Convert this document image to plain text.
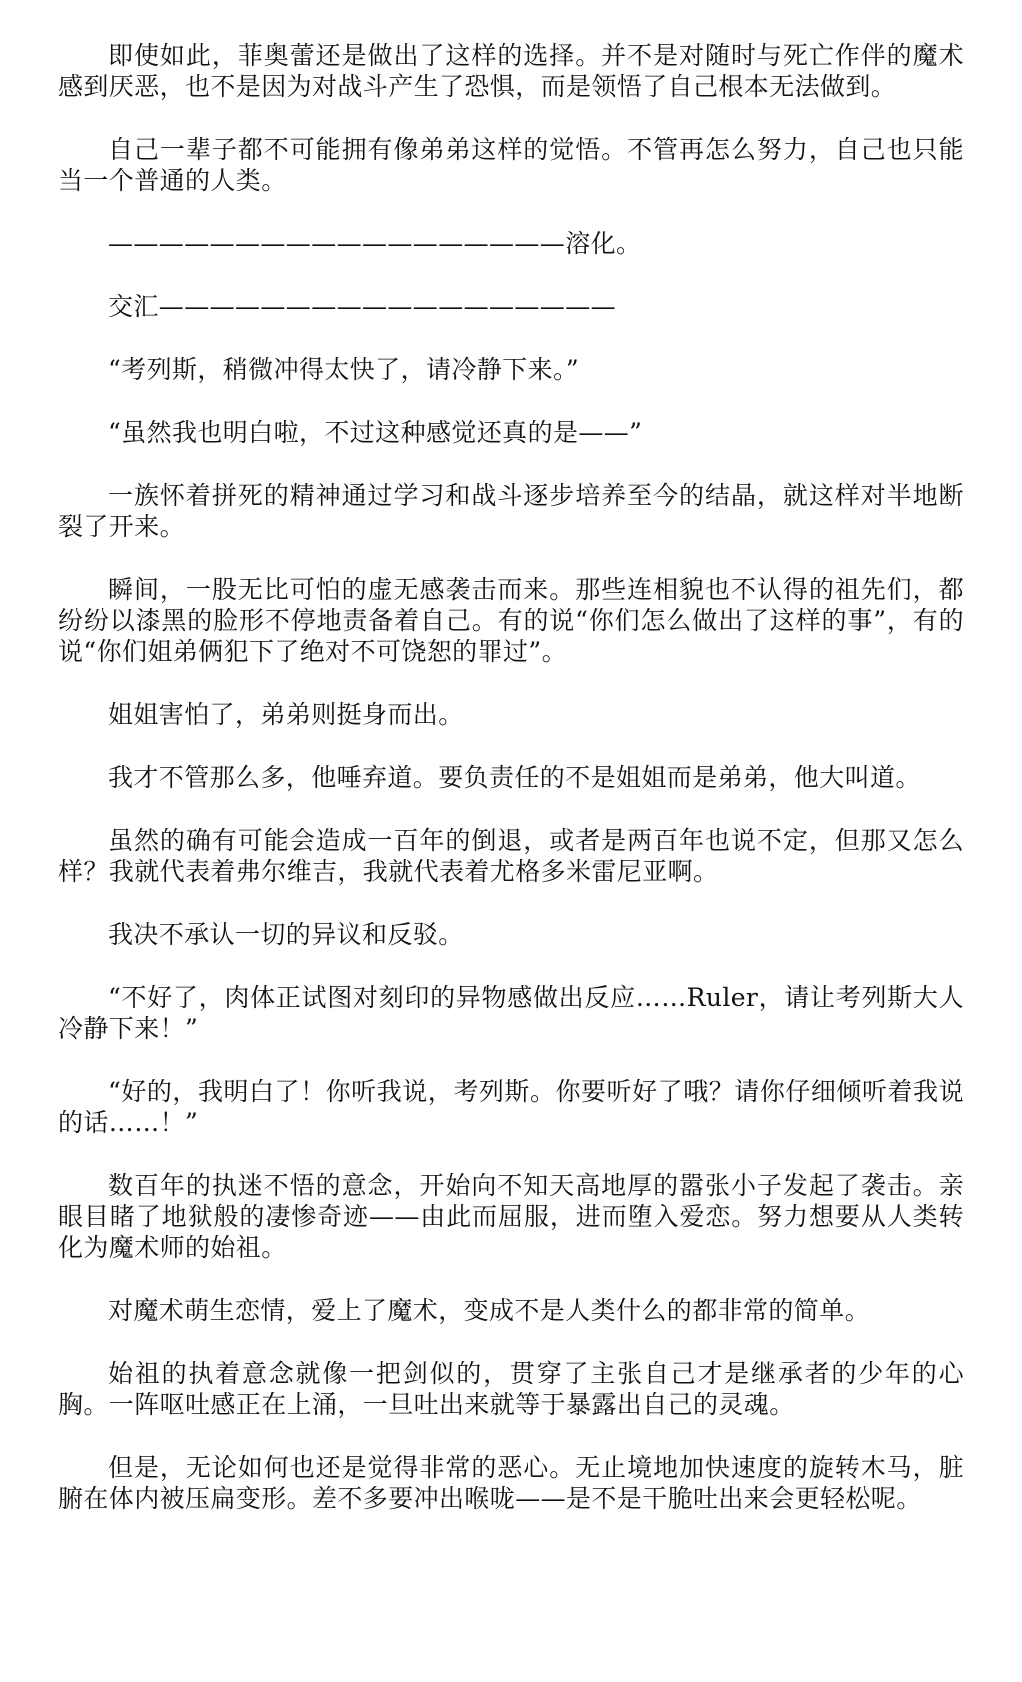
即使如此，菲奥蕾还是做出了这样的选择。并不是对随时与死亡作伴的魔术感到厌恶，也不是因为对战斗产生了恐惧，而是领悟了自己根本无法做到。

自己一辈子都不可能拥有像弟弟这样的觉悟。不管再怎么努力，自己也只能当一个普通的人类。

——————————————————溶化。

交汇——————————————————

“考列斯，稍微冲得太快了，请冷静下来。”

“虽然我也明白啦，不过这种感觉还真的是——”

一族怀着拼死的精神通过学习和战斗逐步培养至今的结晶，就这样对半地断裂了开来。

瞬间，一股无比可怕的虚无感袭击而来。那些连相貌也不认得的祖先们，都纷纷以漆黑的脸形不停地责备着自己。有的说“你们怎么做出了这样的事”，有的说“你们姐弟俩犯下了绝对不可饶恕的罪过”。

姐姐害怕了，弟弟则挺身而出。

我才不管那么多，他唾弃道。要负责任的不是姐姐而是弟弟，他大叫道。

虽然的确有可能会造成一百年的倒退，或者是两百年也说不定，但那又怎么样？我就代表着弗尔维吉，我就代表着尤格多米雷尼亚啊。

我决不承认一切的异议和反驳。

“不好了，肉体正试图对刻印的异物感做出反应……Ruler，请让考列斯大人冷静下来！”

“好的，我明白了！你听我说，考列斯。你要听好了哦？请你仔细倾听着我说的话……！”

数百年的执迷不悟的意念，开始向不知天高地厚的嚣张小子发起了袭击。亲眼目睹了地狱般的凄惨奇迹——由此而屈服，进而堕入爱恋。努力想要从人类转化为魔术师的始祖。

对魔术萌生恋情，爱上了魔术，变成不是人类什么的都非常的简单。

始祖的执着意念就像一把剑似的，贯穿了主张自己才是继承者的少年的心胸。一阵呕吐感正在上涌，一旦吐出来就等于暴露出自己的灵魂。

但是，无论如何也还是觉得非常的恶心。无止境地加快速度的旋转木马，脏腑在体内被压扁变形。差不多要冲出喉咙——是不是干脆吐出来会更轻松呢。
